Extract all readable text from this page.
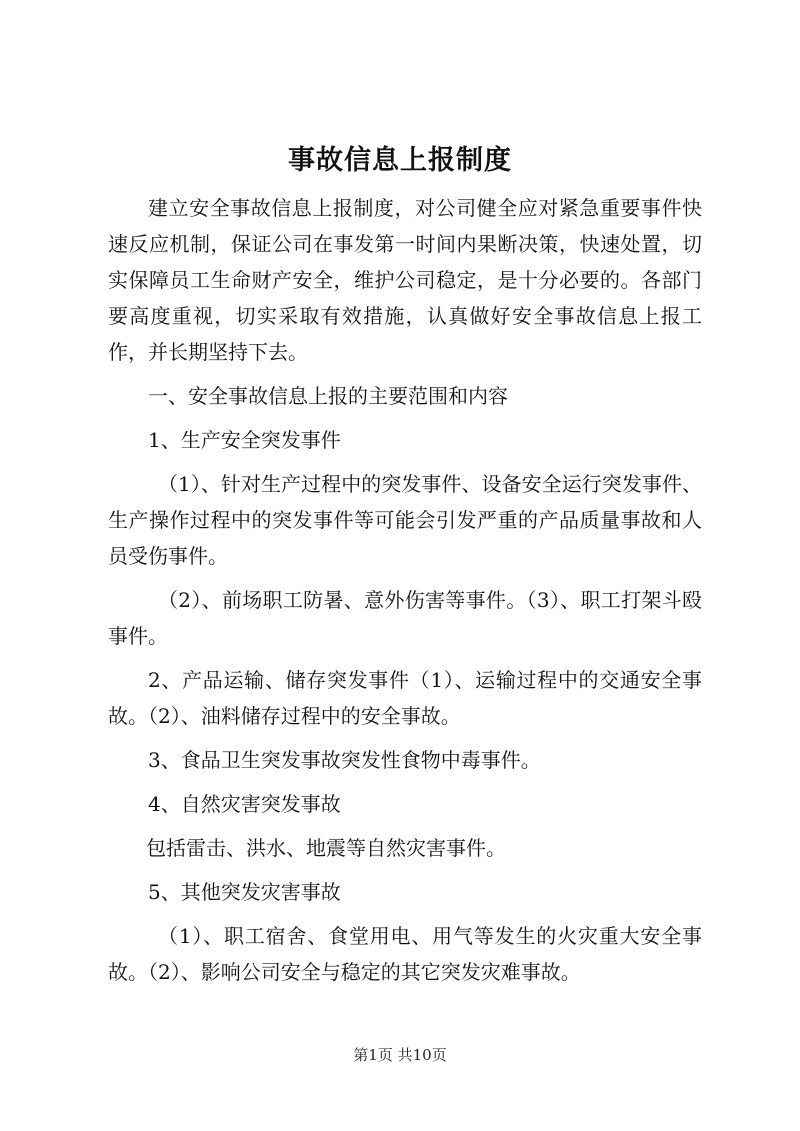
事故信息上报制度

建立安全事故信息上报制度，对公司健全应对紧急重要事件快速反应机制，保证公司在事发第一时间内果断决策，快速处置，切实保障员工生命财产安全，维护公司稳定，是十分必要的。各部门要高度重视，切实采取有效措施，认真做好安全事故信息上报工作，并长期坚持下去。

一、安全事故信息上报的主要范围和内容

1、生产安全突发事件

（1）、针对生产过程中的突发事件、设备安全运行突发事件、生产操作过程中的突发事件等可能会引发严重的产品质量事故和人员受伤事件。

（2）、前场职工防暑、意外伤害等事件。（3）、职工打架斗殴事件。

2、产品运输、储存突发事件（1）、运输过程中的交通安全事故。（2）、油料储存过程中的安全事故。

3、食品卫生突发事故突发性食物中毒事件。

4、自然灾害突发事故

包括雷击、洪水、地震等自然灾害事件。

5、其他突发灾害事故

（1）、职工宿舍、食堂用电、用气等发生的火灾重大安全事故。（2）、影响公司安全与稳定的其它突发灾难事故。

第1页 共10页
